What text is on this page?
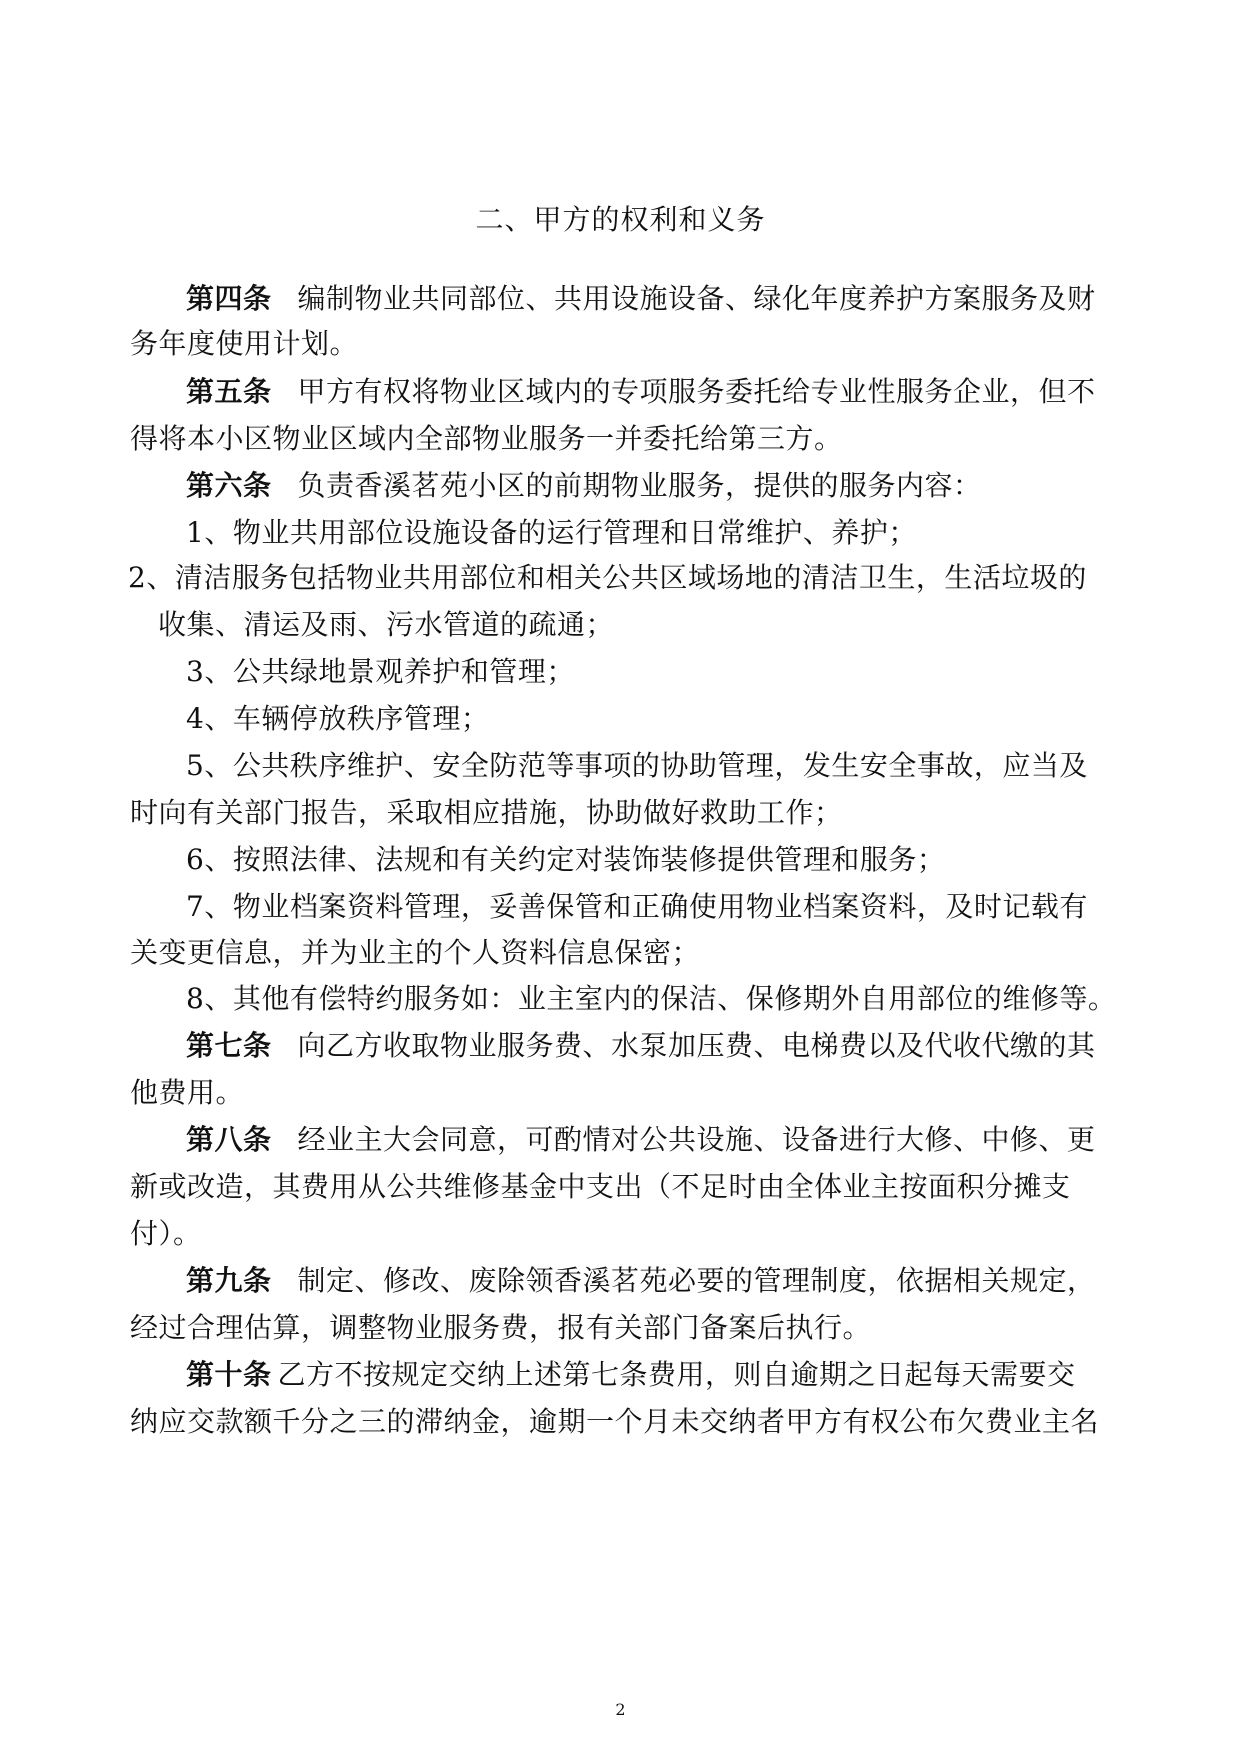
二、甲方的权利和义务
第四条 编制物业共同部位、共用设施设备、绿化年度养护方案服务及财
务年度使用计划。
第五条 甲方有权将物业区域内的专项服务委托给专业性服务企业，但不
得将本小区物业区域内全部物业服务一并委托给第三方。
第六条 负责香溪茗苑小区的前期物业服务，提供的服务内容：
1、物业共用部位设施设备的运行管理和日常维护、养护；
2、清洁服务包括物业共用部位和相关公共区域场地的清洁卫生，生活垃圾的
收集、清运及雨、污水管道的疏通；
3、公共绿地景观养护和管理；
4、车辆停放秩序管理；
5、公共秩序维护、安全防范等事项的协助管理，发生安全事故，应当及
时向有关部门报告，采取相应措施，协助做好救助工作；
6、按照法律、法规和有关约定对装饰装修提供管理和服务；
7、物业档案资料管理，妥善保管和正确使用物业档案资料，及时记载有
关变更信息，并为业主的个人资料信息保密；
8、其他有偿特约服务如：业主室内的保洁、保修期外自用部位的维修等。
第七条 向乙方收取物业服务费、水泵加压费、电梯费以及代收代缴的其
他费用。
第八条 经业主大会同意，可酌情对公共设施、设备进行大修、中修、更
新或改造，其费用从公共维修基金中支出（不足时由全体业主按面积分摊支
付）。
第九条 制定、修改、废除领香溪茗苑必要的管理制度，依据相关规定，
经过合理估算，调整物业服务费，报有关部门备案后执行。
第十条 乙方不按规定交纳上述第七条费用，则自逾期之日起每天需要交
纳应交款额千分之三的滞纳金，逾期一个月未交纳者甲方有权公布欠费业主名
2
